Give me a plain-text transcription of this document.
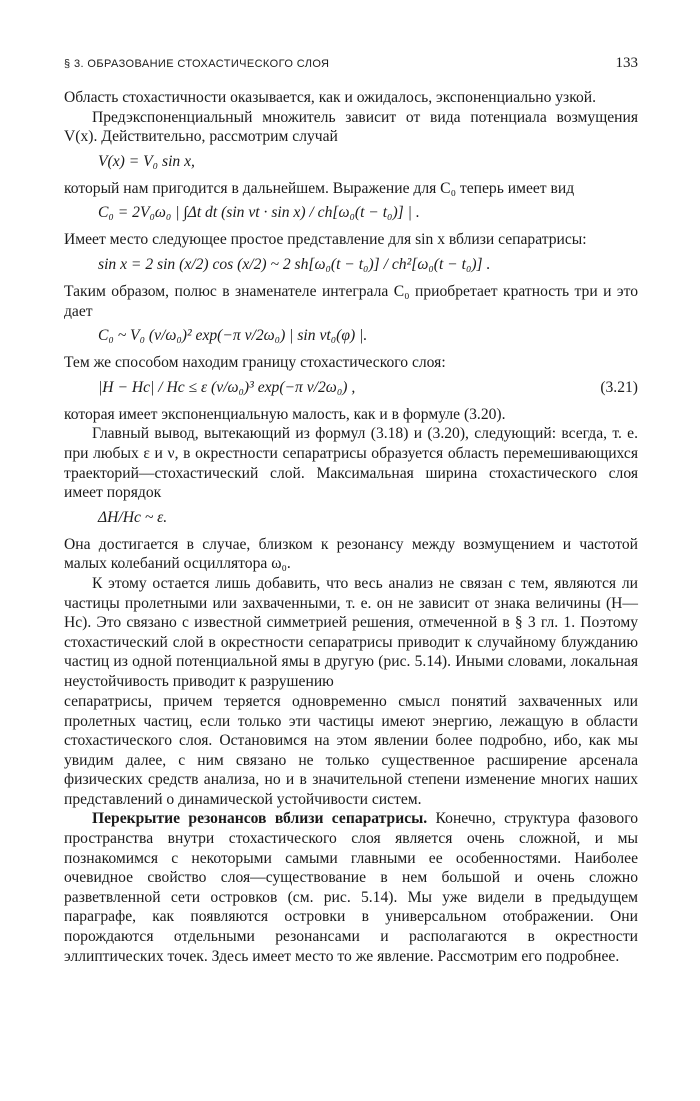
§ 3. ОБРАЗОВАНИЕ СТОХАСТИЧЕСКОГО СЛОЯ	133

Область стохастичности оказывается, как и ожидалось, экспоненциально узкой.

Предэкспоненциальный множитель зависит от вида потенциала возмущения V(x). Действительно, рассмотрим случай

V(x) = V₀ sin x,

который нам пригодится в дальнейшем. Выражение для C₀ теперь имеет вид

C₀ = 2V₀ω₀ | ∫Δt dt (sin νt · sin x) / ch[ω₀(t − t₀)] | .

Имеет место следующее простое представление для sin x вблизи сепаратрисы:

sin x = 2 sin (x/2) cos (x/2) ~ 2 sh[ω₀(t − t₀)] / ch²[ω₀(t − t₀)] .

Таким образом, полюс в знаменателе интеграла C₀ приобретает кратность три и это дает

C₀ ~ V₀ (ν/ω₀)² exp(−π ν/2ω₀) | sin νt₀(φ) |.

Тем же способом находим границу стохастического слоя:

|H − Hc| / Hc ≤ ε (ν/ω₀)³ exp(−π ν/2ω₀) ,	(3.21)

которая имеет экспоненциальную малость, как и в формуле (3.20).

Главный вывод, вытекающий из формул (3.18) и (3.20), следующий: всегда, т. е. при любых ε и ν, в окрестности сепаратрисы образуется область перемешивающихся траекторий—стохастический слой. Максимальная ширина стохастического слоя имеет порядок

ΔH/Hc ~ ε.

Она достигается в случае, близком к резонансу между возмущением и частотой малых колебаний осциллятора ω₀.

К этому остается лишь добавить, что весь анализ не связан с тем, являются ли частицы пролетными или захваченными, т. е. он не зависит от знака величины (H—Hc). Это связано с известной симметрией решения, отмеченной в § 3 гл. 1. Поэтому стохастический слой в окрестности сепаратрисы приводит к случайному блужданию частиц из одной потенциальной ямы в другую (рис. 5.14). Иными словами, локальная неустойчивость приводит к разрушению

сепаратрисы, причем теряется одновременно смысл понятий захваченных или пролетных частиц, если только эти частицы имеют энергию, лежащую в области стохастического слоя. Остановимся на этом явлении более подробно, ибо, как мы увидим далее, с ним связано не только существенное расширение арсенала физических средств анализа, но и в значительной степени изменение многих наших представлений о динамической устойчивости систем.

Перекрытие резонансов вблизи сепаратрисы. Конечно, структура фазового пространства внутри стохастического слоя является очень сложной, и мы познакомимся с некоторыми самыми главными ее особенностями. Наиболее очевидное свойство слоя—существование в нем большой и очень сложно разветвленной сети островков (см. рис. 5.14). Мы уже видели в предыдущем параграфе, как появляются островки в универсальном отображении. Они порождаются отдельными резонансами и располагаются в окрестности эллиптических точек. Здесь имеет место то же явление. Рассмотрим его подробнее.
